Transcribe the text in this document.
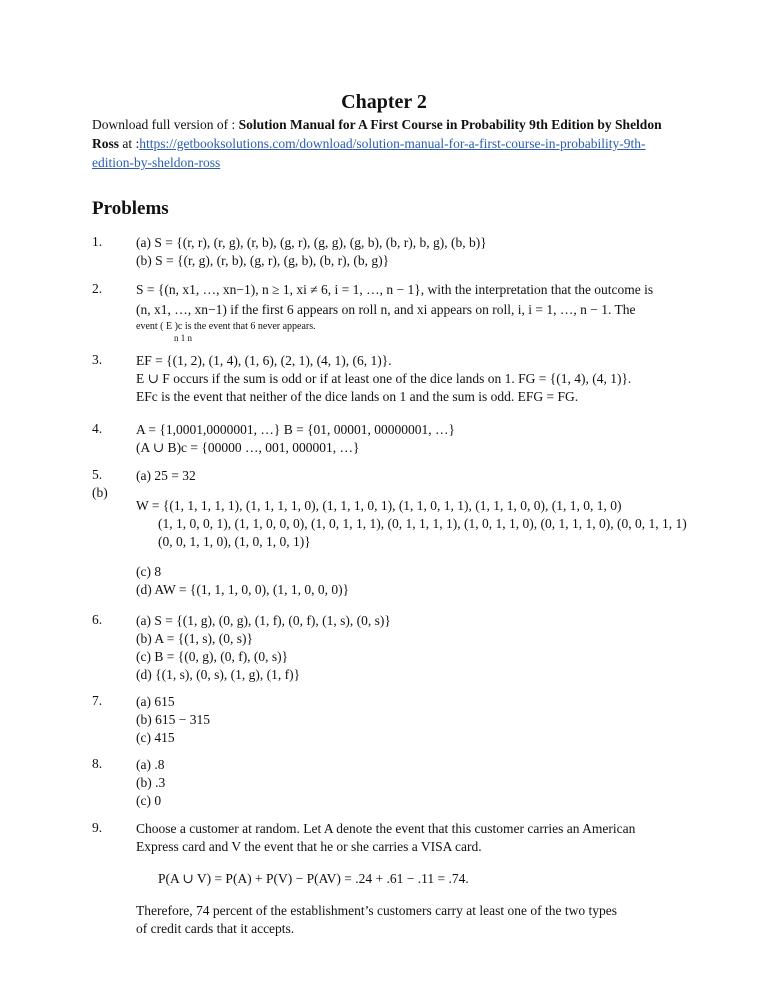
Chapter 2
Download full version of : Solution Manual for A First Course in Probability 9th Edition by Sheldon Ross at :https://getbooksolutions.com/download/solution-manual-for-a-first-course-in-probability-9th-edition-by-sheldon-ross
Problems
1.	(a) S = {(r, r), (r, g), (r, b), (g, r), (g, g), (g, b), (b, r), b, g), (b, b)}
(b) S = {(r, g), (r, b), (g, r), (g, b), (b, r), (b, g)}
2.	S = {(n, x1, …, xn−1), n ≥ 1, xi ≠ 6, i = 1, …, n − 1}, with the interpretation that the outcome is
(n, x1, …, xn−1) if the first 6 appears on roll n, and xi appears on roll, i, i = 1, …, n − 1. The
event ( E )c is the event that 6 never appears.
n 1 n
3.	EF = {(1, 2), (1, 4), (1, 6), (2, 1), (4, 1), (6, 1)}.
E ∪ F occurs if the sum is odd or if at least one of the dice lands on 1. FG = {(1, 4), (4, 1)}.
EFc is the event that neither of the dice lands on 1 and the sum is odd. EFG = FG.
4.	A = {1,0001,0000001, …} B = {01, 00001, 00000001, …}
(A ∪ B)c = {00000 …, 001, 000001, …}
5.
(b)
(a) 25 = 32
W = {(1, 1, 1, 1, 1), (1, 1, 1, 1, 0), (1, 1, 1, 0, 1), (1, 1, 0, 1, 1), (1, 1, 1, 0, 0), (1, 1, 0, 1, 0)
(1, 1, 0, 0, 1), (1, 1, 0, 0, 0), (1, 0, 1, 1, 1), (0, 1, 1, 1, 1), (1, 0, 1, 1, 0), (0, 1, 1, 1, 0), (0, 0, 1, 1, 1)
(0, 0, 1, 1, 0), (1, 0, 1, 0, 1)}
(c) 8
(d) AW = {(1, 1, 1, 0, 0), (1, 1, 0, 0, 0)}
6.	(a) S = {(1, g), (0, g), (1, f), (0, f), (1, s), (0, s)}
(b) A = {(1, s), (0, s)}
(c) B = {(0, g), (0, f), (0, s)}
(d) {(1, s), (0, s), (1, g), (1, f)}
7.	(a) 615
(b) 615 − 315
(c) 415
8.	(a) .8
(b) .3
(c) 0
9.	Choose a customer at random. Let A denote the event that this customer carries an American
Express card and V the event that he or she carries a VISA card.
P(A ∪ V) = P(A) + P(V) − P(AV) = .24 + .61 − .11 = .74.
Therefore, 74 percent of the establishment’s customers carry at least one of the two types
of credit cards that it accepts.
